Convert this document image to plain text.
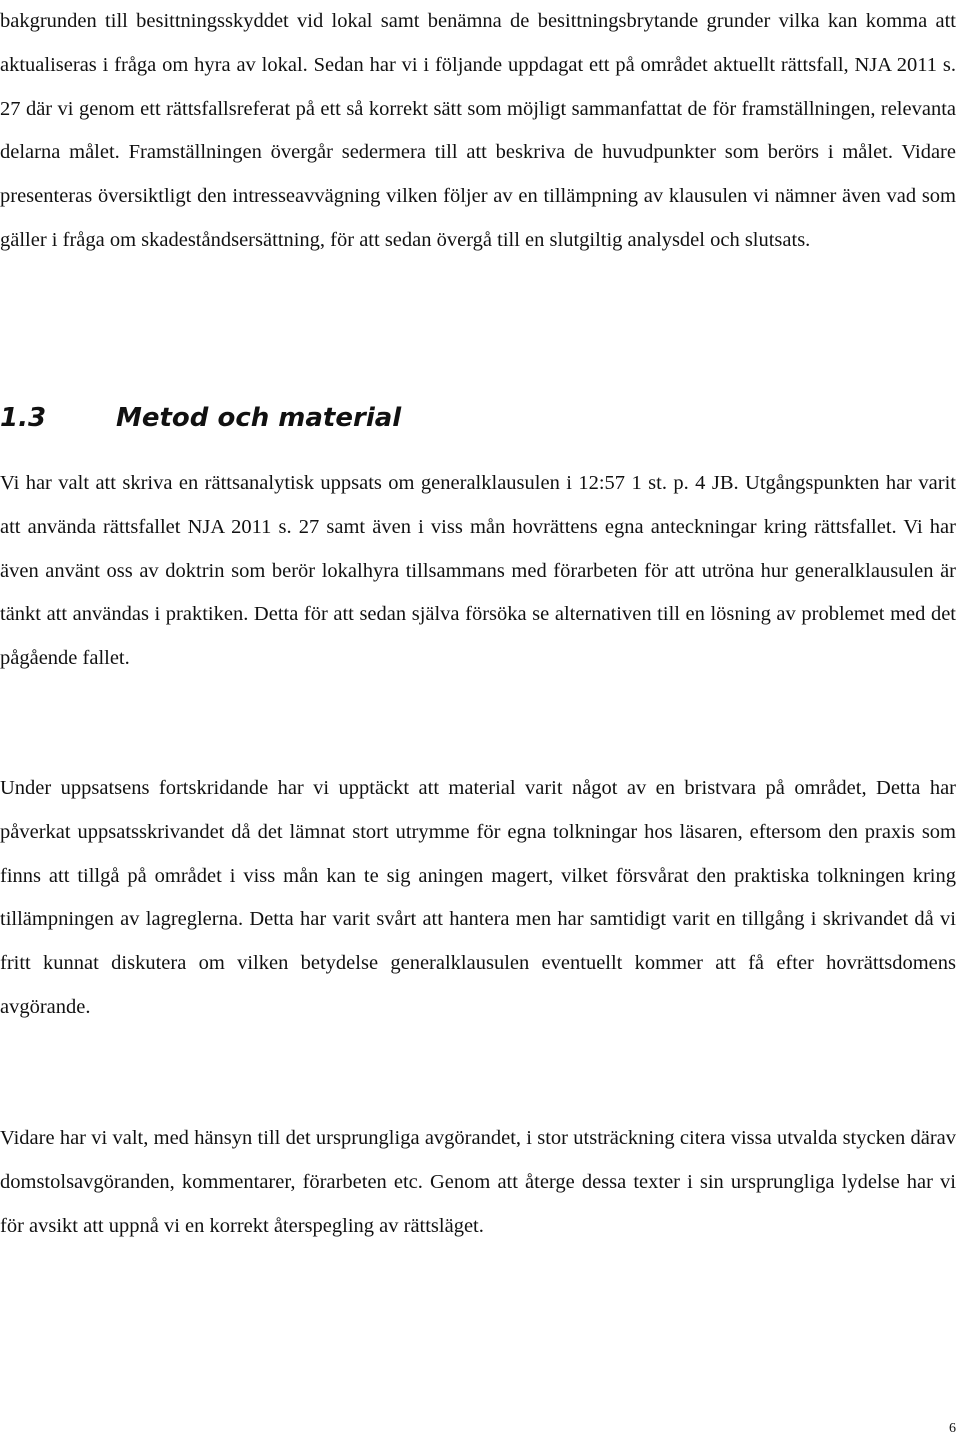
bakgrunden till besittningsskyddet vid lokal samt benämna de besittningsbrytande grunder vilka kan komma att aktualiseras i fråga om hyra av lokal. Sedan har vi i följande uppdagat ett på området aktuellt rättsfall, NJA 2011 s. 27 där vi genom ett rättsfallsreferat på ett så korrekt sätt som möjligt sammanfattat de för framställningen, relevanta delarna målet. Framställningen övergår sedermera till att beskriva de huvudpunkter som berörs i målet. Vidare presenteras översiktligt den intresseavvägning vilken följer av en tillämpning av klausulen vi nämner även vad som gäller i fråga om skadeståndsersättning, för att sedan övergå till en slutgiltig analysdel och slutsats.

1.3	Metod och material

Vi har valt att skriva en rättsanalytisk uppsats om generalklausulen i 12:57 1 st. p. 4 JB. Utgångspunkten har varit att använda rättsfallet NJA 2011 s. 27 samt även i viss mån hovrättens egna anteckningar kring rättsfallet. Vi har även använt oss av doktrin som berör lokalhyra tillsammans med förarbeten för att utröna hur generalklausulen är tänkt att användas i praktiken. Detta för att sedan själva försöka se alternativen till en lösning av problemet med det pågående fallet.

Under uppsatsens fortskridande har vi upptäckt att material varit något av en bristvara på området, Detta har påverkat uppsatsskrivandet då det lämnat stort utrymme för egna tolkningar hos läsaren, eftersom den praxis som finns att tillgå på området i viss mån kan te sig aningen magert, vilket försvårat den praktiska tolkningen kring tillämpningen av lagreglerna. Detta har varit svårt att hantera men har samtidigt varit en tillgång i skrivandet då vi fritt kunnat diskutera om vilken betydelse generalklausulen eventuellt kommer att få efter hovrättsdomens avgörande.

Vidare har vi valt, med hänsyn till det ursprungliga avgörandet, i stor utsträckning citera vissa utvalda stycken därav domstolsavgöranden, kommentarer, förarbeten etc. Genom att återge dessa texter i sin ursprungliga lydelse har vi för avsikt att uppnå vi en korrekt återspegling av rättsläget.

6
